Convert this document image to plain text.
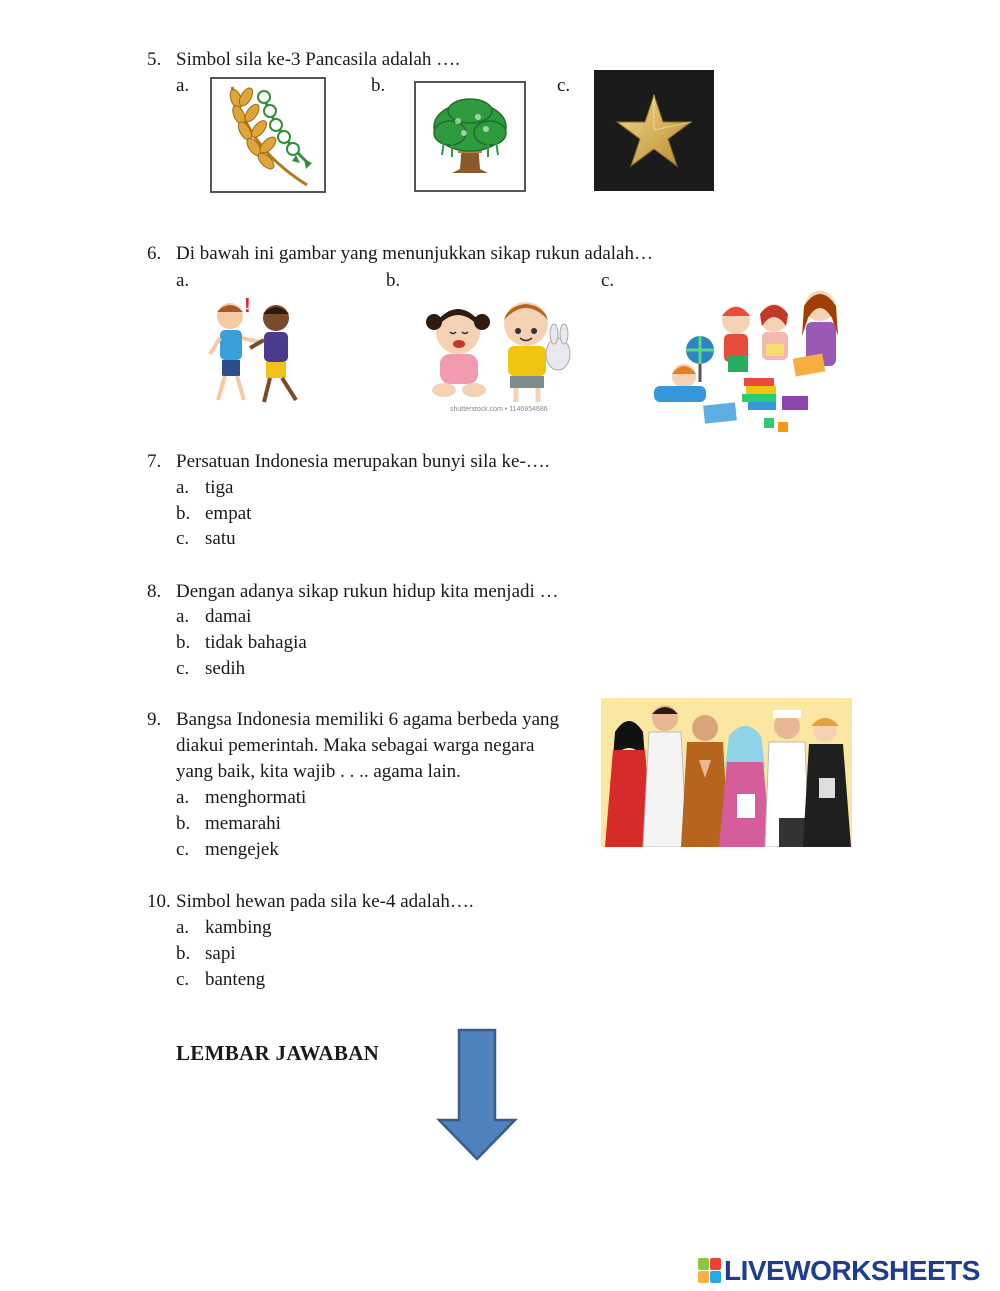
5. Simbol sila ke-3 Pancasila adalah ….
a.	b.	c.
6. Di bawah ini gambar yang menunjukkan sikap rukun adalah…
a.
!
b.
shutterstock.com • 1146954686
c.
7. Persatuan Indonesia merupakan bunyi sila ke-….
a. tiga
b. empat
c. satu
8. Dengan adanya sikap rukun hidup kita menjadi …
a. damai
b. tidak bahagia
c. sedih
9. Bangsa Indonesia memiliki 6 agama berbeda yang
diakui pemerintah. Maka sebagai warga negara
yang baik, kita wajib . . .. agama lain.
a. menghormati
b. memarahi
c. mengejek
10. Simbol hewan pada sila ke-4 adalah….
a. kambing
b. sapi
c. banteng
LEMBAR JAWABAN
LIVEWORKSHEETS
